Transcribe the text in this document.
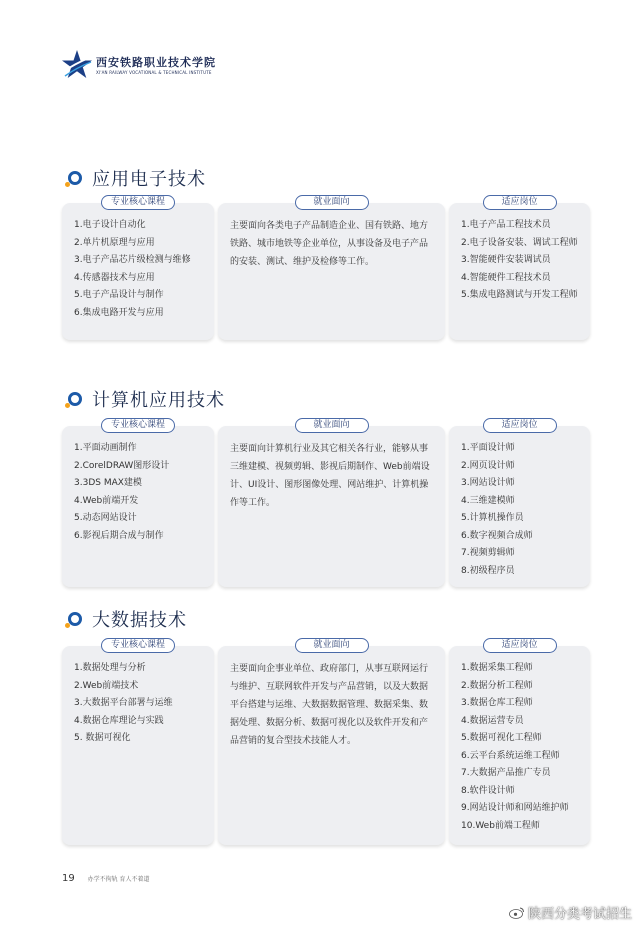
西安铁路职业技术学院
XI'AN RAILWAY VOCATIONAL & TECHNICAL INSTITUTE
应用电子技术
专业核心课程
1.电子设计自动化
2.单片机原理与应用
3.电子产品芯片级检测与维修
4.传感器技术与应用
5.电子产品设计与制作
6.集成电路开发与应用
就业面向
主要面向各类电子产品制造企业、国有铁路、地方铁路、城市地铁等企业单位，从事设备及电子产品的安装、测试、维护及检修等工作。
适应岗位
1.电子产品工程技术员
2.电子设备安装、调试工程师
3.智能硬件安装调试员
4.智能硬件工程技术员
5.集成电路测试与开发工程师
计算机应用技术
专业核心课程
1.平面动画制作
2.CorelDRAW图形设计
3.3DS MAX建模
4.Web前端开发
5.动态网站设计
6.影视后期合成与制作
就业面向
主要面向计算机行业及其它相关各行业，能够从事三维建模、视频剪辑、影视后期制作、Web前端设计、UI设计、图形图像处理、网站维护、计算机操作等工作。
适应岗位
1.平面设计师
2.网页设计师
3.网站设计师
4.三维建模师
5.计算机操作员
6.数字视频合成师
7.视频剪辑师
8.初级程序员
大数据技术
专业核心课程
1.数据处理与分析
2.Web前端技术
3.大数据平台部署与运维
4.数据仓库理论与实践
5. 数据可视化
就业面向
主要面向企事业单位、政府部门，从事互联网运行与维护、互联网软件开发与产品营销，以及大数据平台搭建与运维、大数据数据管理、数据采集、数据处理、数据分析、数据可视化以及软件开发和产品营销的复合型技术技能人才。
适应岗位
1.数据采集工程师
2.数据分析工程师
3.数据仓库工程师
4.数据运营专员
5.数据可视化工程师
6.云平台系统运维工程师
7.大数据产品推广专员
8.软件设计师
9.网站设计师和网站维护师
10.Web前端工程师
19 办学不拘轨 育人不着道
陕西分类考试招生
